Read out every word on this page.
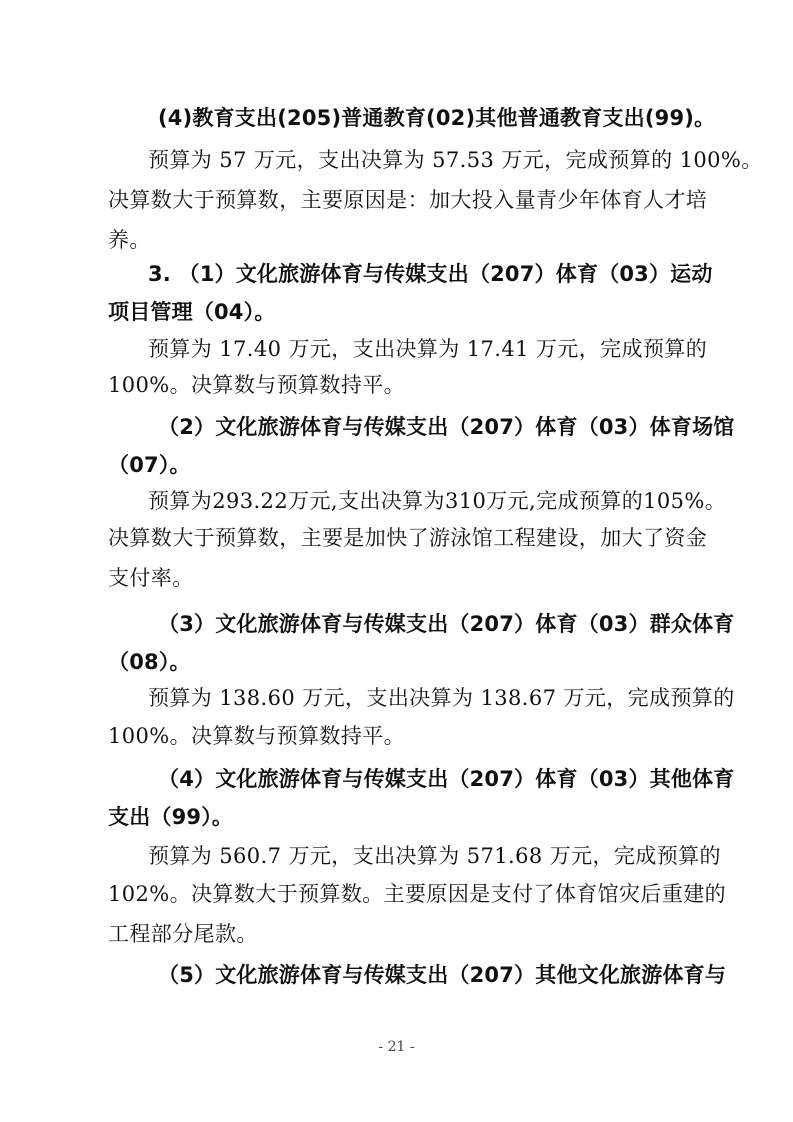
(4)教育支出(205)普通教育(02)其他普通教育支出(99)。
预算为 57 万元，支出决算为 57.53 万元，完成预算的 100%。
决算数大于预算数，主要原因是：加大投入量青少年体育人才培
养。
3. （1）文化旅游体育与传媒支出（207）体育（03）运动
项目管理（04）。
预算为 17.40 万元，支出决算为 17.41 万元，完成预算的
100%。决算数与预算数持平。
（2）文化旅游体育与传媒支出（207）体育（03）体育场馆
（07）。
预算为293.22万元,支出决算为310万元,完成预算的105%。
决算数大于预算数，主要是加快了游泳馆工程建设，加大了资金
支付率。
（3）文化旅游体育与传媒支出（207）体育（03）群众体育
（08）。
预算为 138.60 万元，支出决算为 138.67 万元，完成预算的
100%。决算数与预算数持平。
（4）文化旅游体育与传媒支出（207）体育（03）其他体育
支出（99）。
预算为 560.7 万元，支出决算为 571.68 万元，完成预算的
102%。决算数大于预算数。主要原因是支付了体育馆灾后重建的
工程部分尾款。
（5）文化旅游体育与传媒支出（207）其他文化旅游体育与
- 21 -
